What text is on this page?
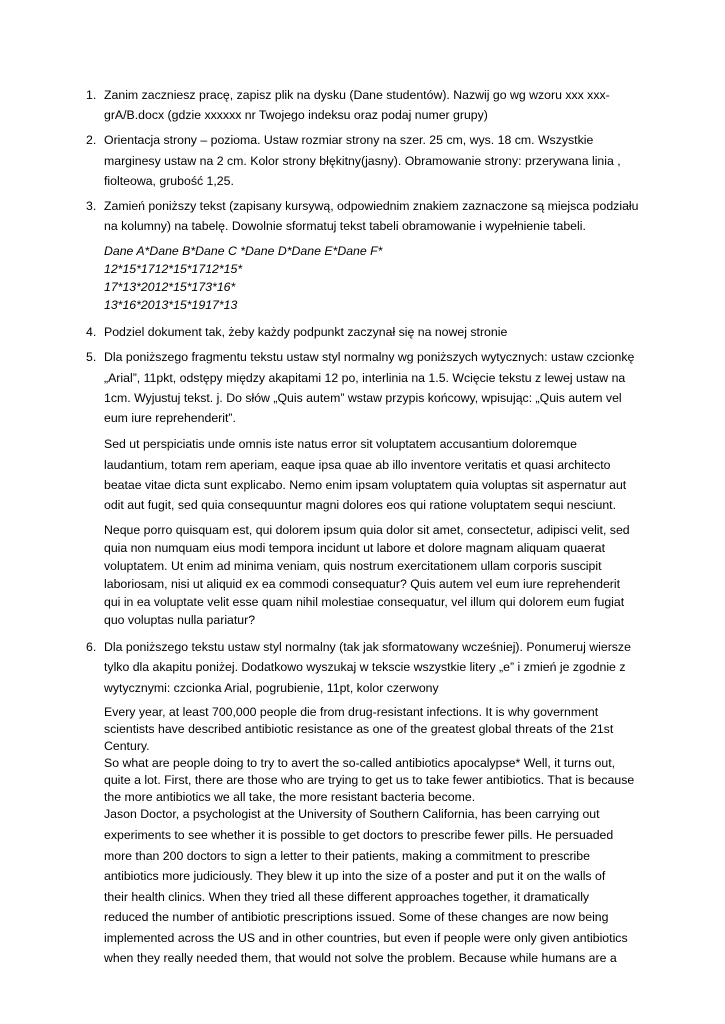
1. Zanim zaczniesz pracę, zapisz plik na dysku (Dane studentów). Nazwij go wg wzoru xxx xxx-
grA/B.docx (gdzie xxxxxx nr Twojego indeksu oraz podaj numer grupy)
2. Orientacja strony – pozioma. Ustaw rozmiar strony na szer. 25 cm, wys. 18 cm. Wszystkie
marginesy ustaw na 2 cm. Kolor strony błękitny(jasny). Obramowanie strony: przerywana linia ,
fiolteowa, grubość 1,25.
3. Zamień poniższy tekst (zapisany kursywą, odpowiednim znakiem zaznaczone są miejsca podziału
na kolumny) na tabelę. Dowolnie sformatuj tekst tabeli obramowanie i wypełnienie tabeli.
Dane A*Dane B*Dane C *Dane D*Dane E*Dane F*
12*15*1712*15*1712*15*
17*13*2012*15*173*16*
13*16*2013*15*1917*13
4. Podziel dokument tak, żeby każdy podpunkt zaczynał się na nowej stronie
5. Dla poniższego fragmentu tekstu ustaw styl normalny wg poniższych wytycznych: ustaw czcionkę
„Arial”, 11pkt, odstępy między akapitami 12 po, interlinia na 1.5. Wcięcie tekstu z lewej ustaw na
1cm. Wyjustuj tekst. j. Do słów „Quis autem” wstaw przypis końcowy, wpisując: „Quis autem vel
eum iure reprehenderit”.
Sed ut perspiciatis unde omnis iste natus error sit voluptatem accusantium doloremque
laudantium, totam rem aperiam, eaque ipsa quae ab illo inventore veritatis et quasi architecto
beatae vitae dicta sunt explicabo. Nemo enim ipsam voluptatem quia voluptas sit aspernatur aut
odit aut fugit, sed quia consequuntur magni dolores eos qui ratione voluptatem sequi nesciunt.
Neque porro quisquam est, qui dolorem ipsum quia dolor sit amet, consectetur, adipisci velit, sed
quia non numquam eius modi tempora incidunt ut labore et dolore magnam aliquam quaerat
voluptatem. Ut enim ad minima veniam, quis nostrum exercitationem ullam corporis suscipit
laboriosam, nisi ut aliquid ex ea commodi consequatur? Quis autem vel eum iure reprehenderit
qui in ea voluptate velit esse quam nihil molestiae consequatur, vel illum qui dolorem eum fugiat
quo voluptas nulla pariatur?
6. Dla poniższego tekstu ustaw styl normalny (tak jak sformatowany wcześniej). Ponumeruj wiersze
tylko dla akapitu poniżej. Dodatkowo wyszukaj w tekscie wszystkie litery „e” i zmień je zgodnie z
wytycznymi: czcionka Arial, pogrubienie, 11pt, kolor czerwony
Every year, at least 700,000 people die from drug-resistant infections. It is why government
scientists have described antibiotic resistance as one of the greatest global threats of the 21st
Century.
So what are people doing to try to avert the so-called antibiotics apocalypse* Well, it turns out,
quite a lot. First, there are those who are trying to get us to take fewer antibiotics. That is because
the more antibiotics we all take, the more resistant bacteria become.
Jason Doctor, a psychologist at the University of Southern California, has been carrying out
experiments to see whether it is possible to get doctors to prescribe fewer pills. He persuaded
more than 200 doctors to sign a letter to their patients, making a commitment to prescribe
antibiotics more judiciously. They blew it up into the size of a poster and put it on the walls of
their health clinics. When they tried all these different approaches together, it dramatically
reduced the number of antibiotic prescriptions issued. Some of these changes are now being
implemented across the US and in other countries, but even if people were only given antibiotics
when they really needed them, that would not solve the problem. Because while humans are a
